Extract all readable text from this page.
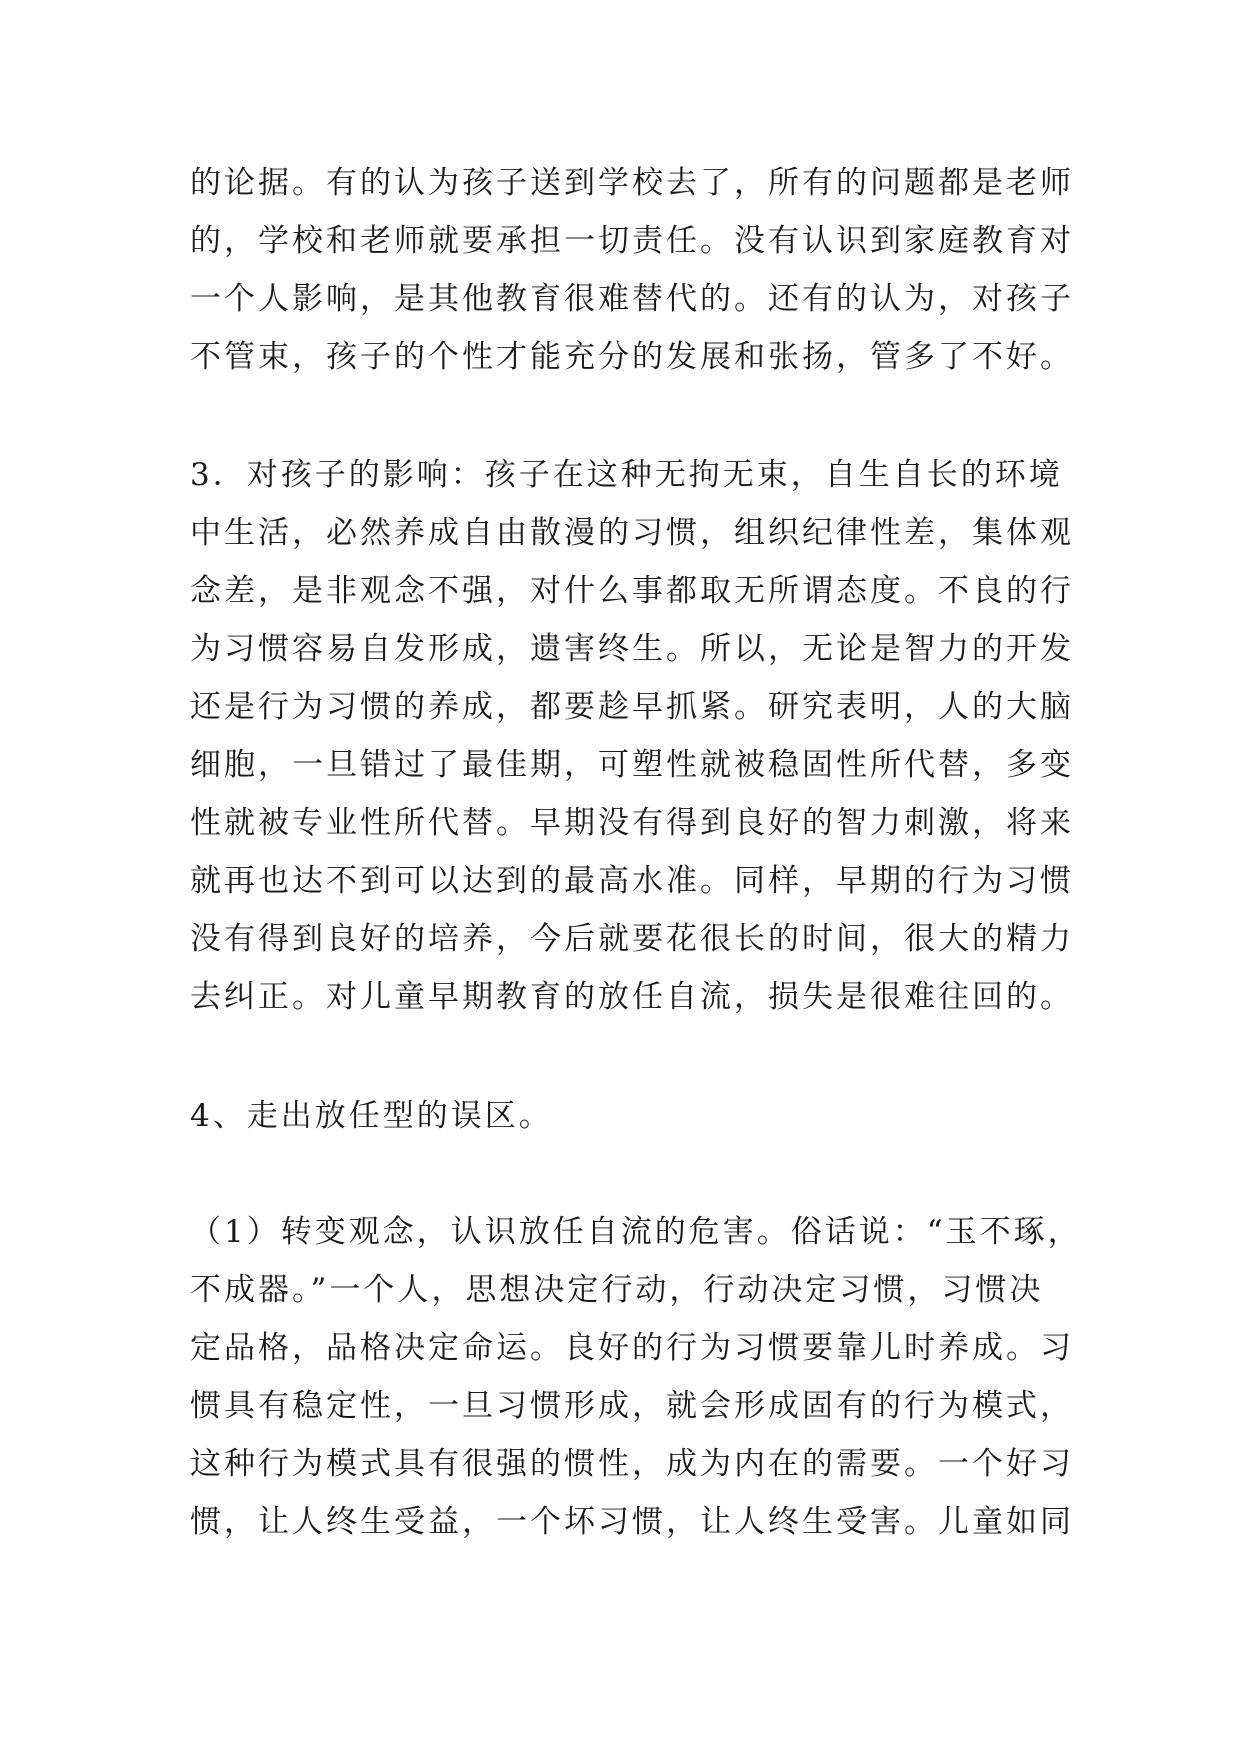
的论据。有的认为孩子送到学校去了，所有的问题都是老师
的，学校和老师就要承担一切责任。没有认识到家庭教育对
一个人影响，是其他教育很难替代的。还有的认为，对孩子
不管束，孩子的个性才能充分的发展和张扬，管多了不好。
3．对孩子的影响：孩子在这种无拘无束，自生自长的环境
中生活，必然养成自由散漫的习惯，组织纪律性差，集体观
念差，是非观念不强，对什么事都取无所谓态度。不良的行
为习惯容易自发形成，遗害终生。所以，无论是智力的开发
还是行为习惯的养成，都要趁早抓紧。研究表明，人的大脑
细胞，一旦错过了最佳期，可塑性就被稳固性所代替，多变
性就被专业性所代替。早期没有得到良好的智力刺激，将来
就再也达不到可以达到的最高水准。同样，早期的行为习惯
没有得到良好的培养，今后就要花很长的时间，很大的精力
去纠正。对儿童早期教育的放任自流，损失是很难往回的。
4、走出放任型的误区。
（1）转变观念，认识放任自流的危害。俗话说：“玉不琢，
不成器。”一个人，思想决定行动，行动决定习惯，习惯决
定品格，品格决定命运。良好的行为习惯要靠儿时养成。习
惯具有稳定性，一旦习惯形成，就会形成固有的行为模式，
这种行为模式具有很强的惯性，成为内在的需要。一个好习
惯，让人终生受益，一个坏习惯，让人终生受害。儿童如同
